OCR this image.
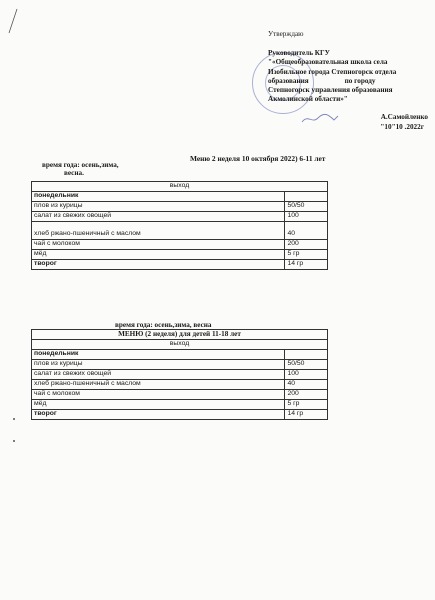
Утверждаю
Руководитель КГУ
"«Общеобразовательная школа села
Изобильное города Степногорск отдела
образования                    по городу
Степногорск управления образования
Акмолинской области»"
А.Самойленко
"10"10 .2022г
Меню 2 неделя 10 октября 2022) 6-11 лет
время года: осень,зима,
весна.
выход	
понедельник	
плов из курицы	50/50
салат из свежих овощей	100
хлеб ржано-пшеничный с маслом	40
чай с молоком	200
мёд	5 гр
творог	14 гр
время года: осень,зима, весна
МЕНЮ (2 неделя) для детей 11-18 лет	
выход	
понедельник	
плов из курицы	50/50
салат из свежих овощей	100
хлеб ржано-пшеничный с маслом	40
чай с молоком	200
мёд	5 гр
творог	14 гр
